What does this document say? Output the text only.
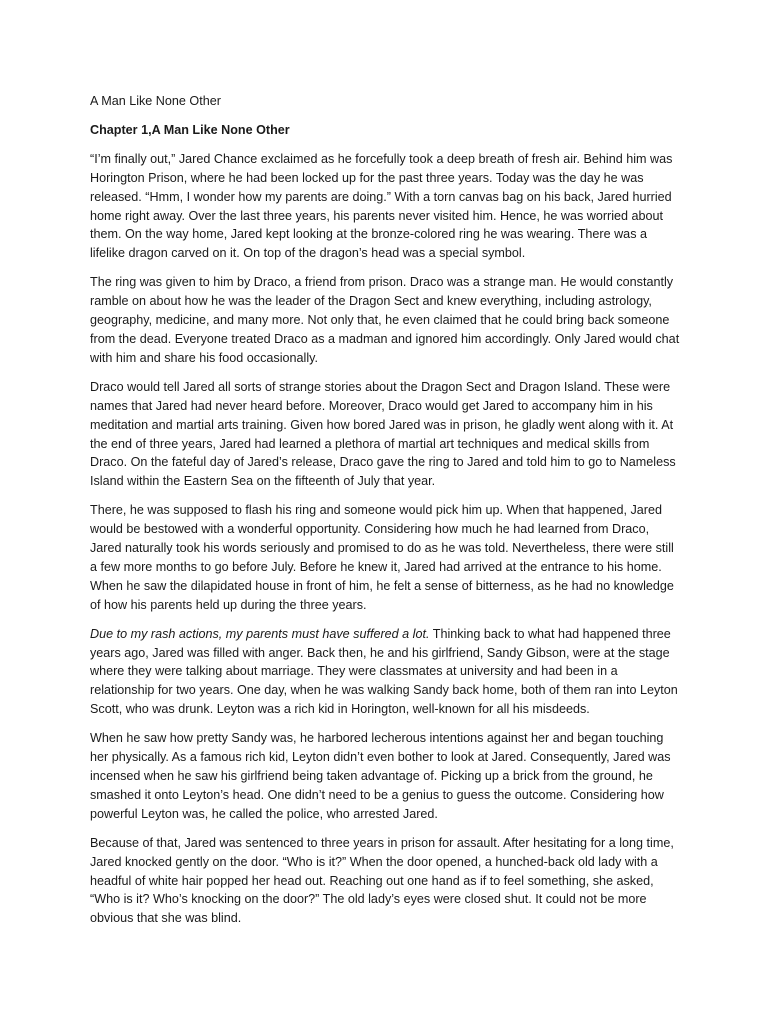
A Man Like None Other

Chapter 1,A Man Like None Other

“I’m finally out,” Jared Chance exclaimed as he forcefully took a deep breath of fresh air. Behind him was Horington Prison, where he had been locked up for the past three years. Today was the day he was released. “Hmm, I wonder how my parents are doing.” With a torn canvas bag on his back, Jared hurried home right away. Over the last three years, his parents never visited him. Hence, he was worried about them. On the way home, Jared kept looking at the bronze-colored ring he was wearing. There was a lifelike dragon carved on it. On top of the dragon’s head was a special symbol.

The ring was given to him by Draco, a friend from prison. Draco was a strange man. He would constantly ramble on about how he was the leader of the Dragon Sect and knew everything, including astrology, geography, medicine, and many more. Not only that, he even claimed that he could bring back someone from the dead. Everyone treated Draco as a madman and ignored him accordingly. Only Jared would chat with him and share his food occasionally.

Draco would tell Jared all sorts of strange stories about the Dragon Sect and Dragon Island. These were names that Jared had never heard before. Moreover, Draco would get Jared to accompany him in his meditation and martial arts training. Given how bored Jared was in prison, he gladly went along with it. At the end of three years, Jared had learned a plethora of martial art techniques and medical skills from Draco. On the fateful day of Jared’s release, Draco gave the ring to Jared and told him to go to Nameless Island within the Eastern Sea on the fifteenth of July that year.

There, he was supposed to flash his ring and someone would pick him up. When that happened, Jared would be bestowed with a wonderful opportunity. Considering how much he had learned from Draco, Jared naturally took his words seriously and promised to do as he was told. Nevertheless, there were still a few more months to go before July. Before he knew it, Jared had arrived at the entrance to his home. When he saw the dilapidated house in front of him, he felt a sense of bitterness, as he had no knowledge of how his parents held up during the three years.

Due to my rash actions, my parents must have suffered a lot. Thinking back to what had happened three years ago, Jared was filled with anger. Back then, he and his girlfriend, Sandy Gibson, were at the stage where they were talking about marriage. They were classmates at university and had been in a relationship for two years. One day, when he was walking Sandy back home, both of them ran into Leyton Scott, who was drunk. Leyton was a rich kid in Horington, well-known for all his misdeeds.

When he saw how pretty Sandy was, he harbored lecherous intentions against her and began touching her physically. As a famous rich kid, Leyton didn’t even bother to look at Jared. Consequently, Jared was incensed when he saw his girlfriend being taken advantage of. Picking up a brick from the ground, he smashed it onto Leyton’s head. One didn’t need to be a genius to guess the outcome. Considering how powerful Leyton was, he called the police, who arrested Jared.

Because of that, Jared was sentenced to three years in prison for assault. After hesitating for a long time, Jared knocked gently on the door. “Who is it?” When the door opened, a hunched-back old lady with a headful of white hair popped her head out. Reaching out one hand as if to feel something, she asked, “Who is it? Who’s knocking on the door?” The old lady’s eyes were closed shut. It could not be more obvious that she was blind.
